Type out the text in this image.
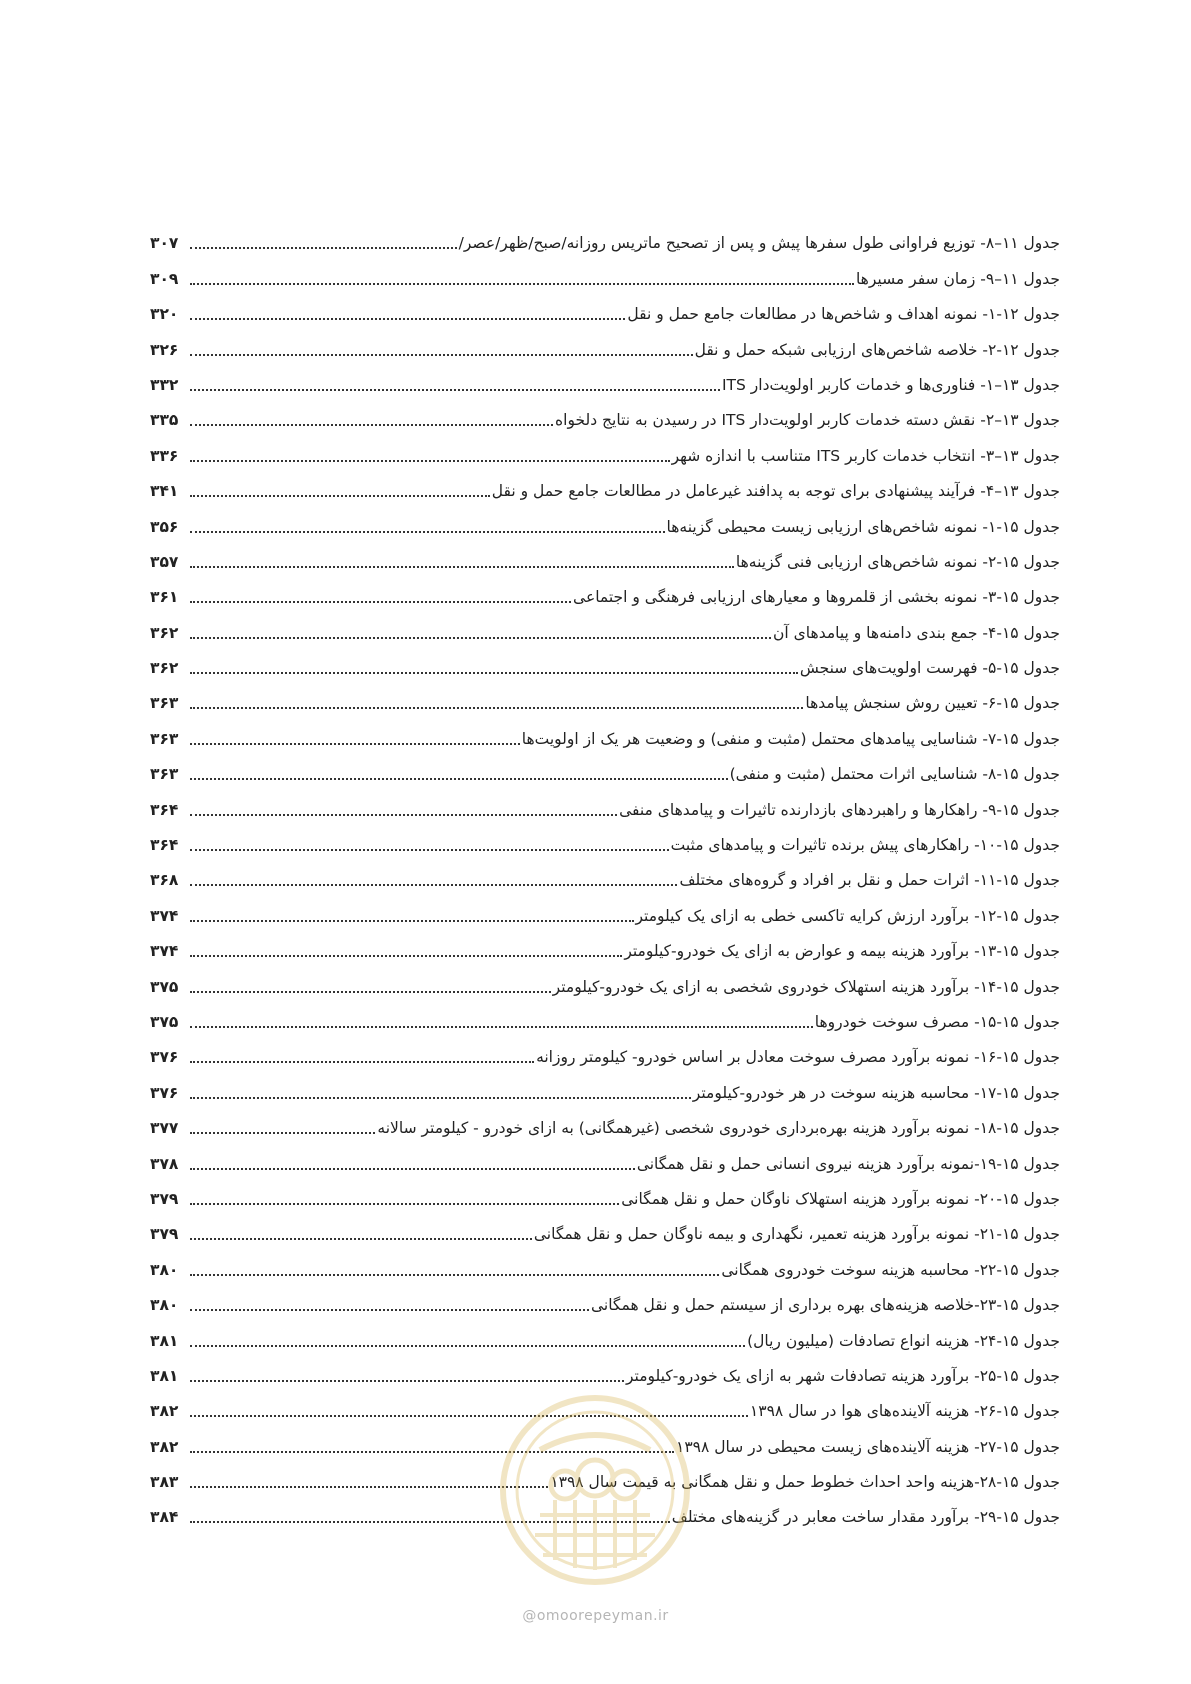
جدول ۱۱–۸- توزیع فراوانی طول سفرها پیش و پس از تصحیح ماتریس روزانه/صبح/ظهر/عصر/
۳۰۷
جدول ۱۱–۹- زمان سفر مسیرها
۳۰۹
جدول ۱۲-۱- نمونه اهداف و شاخص‌ها در مطالعات جامع حمل و نقل
۳۲۰
جدول ۱۲-۲- خلاصه شاخص‌های ارزیابی شبکه حمل و نقل
۳۲۶
جدول ۱۳–۱- فناوری‌ها و خدمات کاربر اولویت‌دار ITS
۳۳۲
جدول ۱۳–۲- نقش دسته خدمات کاربر اولویت‌دار ITS در رسیدن به نتایج دلخواه
۳۳۵
جدول ۱۳–۳- انتخاب خدمات کاربر ITS متناسب با اندازه شهر
۳۳۶
جدول ۱۳–۴- فرآیند پیشنهادی برای توجه به پدافند غیرعامل در مطالعات جامع حمل و نقل
۳۴۱
جدول ۱۵-۱- نمونه شاخص‌های ارزیابی زیست محیطی گزینه‌ها
۳۵۶
جدول ۱۵-۲- نمونه شاخص‌های ارزیابی فنی گزینه‌ها
۳۵۷
جدول ۱۵-۳- نمونه بخشی از قلمروها و معیارهای ارزیابی فرهنگی و اجتماعی
۳۶۱
جدول ۱۵-۴- جمع بندی دامنه‌ها و پیامدهای آن
۳۶۲
جدول ۱۵-۵- فهرست اولویت‌های سنجش
۳۶۲
جدول ۱۵-۶- تعیین روش سنجش پیامدها
۳۶۳
جدول ۱۵-۷- شناسایی پیامدهای محتمل (مثبت و منفی) و وضعیت هر یک از اولویت‌ها
۳۶۳
جدول ۱۵-۸- شناسایی اثرات محتمل (مثبت و منفی)
۳۶۳
جدول ۱۵-۹- راهکارها و راهبردهای بازدارنده تاثیرات و پیامدهای منفی
۳۶۴
جدول ۱۵-۱۰- راهکارهای پیش برنده تاثیرات و پیامدهای مثبت
۳۶۴
جدول ۱۵-۱۱- اثرات حمل و نقل بر افراد و گروه‌های مختلف
۳۶۸
جدول ۱۵-۱۲- برآورد ارزش کرایه تاکسی خطی به ازای یک کیلومتر
۳۷۴
جدول ۱۵-۱۳- برآورد هزینه بیمه و عوارض به ازای یک خودرو-کیلومتر
۳۷۴
جدول ۱۵-۱۴- برآورد هزینه استهلاک خودروی شخصی به ازای یک خودرو-کیلومتر
۳۷۵
جدول ۱۵-۱۵- مصرف سوخت خودروها
۳۷۵
جدول ۱۵-۱۶- نمونه برآورد مصرف سوخت معادل بر اساس خودرو- کیلومتر روزانه
۳۷۶
جدول ۱۵-۱۷- محاسبه هزینه سوخت در هر خودرو-کیلومتر
۳۷۶
جدول ۱۵-۱۸- نمونه برآورد هزینه بهره‌برداری خودروی شخصی (غیرهمگانی) به ازای خودرو - کیلومتر سالانه
۳۷۷
جدول ۱۵-۱۹-نمونه برآورد هزینه نیروی انسانی حمل و نقل همگانی
۳۷۸
جدول ۱۵-۲۰- نمونه برآورد هزینه استهلاک ناوگان حمل و نقل همگانی
۳۷۹
جدول ۱۵-۲۱- نمونه برآورد هزینه تعمیر، نگهداری و بیمه ناوگان حمل و نقل همگانی
۳۷۹
جدول ۱۵-۲۲- محاسبه هزینه سوخت خودروی همگانی
۳۸۰
جدول ۱۵-۲۳-خلاصه هزینه‌های بهره برداری از سیستم حمل و نقل همگانی
۳۸۰
جدول ۱۵-۲۴- هزینه انواع تصادفات (میلیون ریال)
۳۸۱
جدول ۱۵-۲۵- برآورد هزینه تصادفات شهر به ازای یک خودرو-کیلومتر
۳۸۱
جدول ۱۵-۲۶- هزینه آلاینده‌های هوا در سال ۱۳۹۸
۳۸۲
جدول ۱۵-۲۷- هزینه آلاینده‌های زیست محیطی در سال ۱۳۹۸
۳۸۲
جدول ۱۵-۲۸-هزینه واحد احداث خطوط حمل و نقل همگانی به قیمت سال ۱۳۹۸
۳۸۳
جدول ۱۵-۲۹- برآورد مقدار ساخت معابر در گزینه‌های مختلف
۳۸۴
@omoorepeyman.ir
